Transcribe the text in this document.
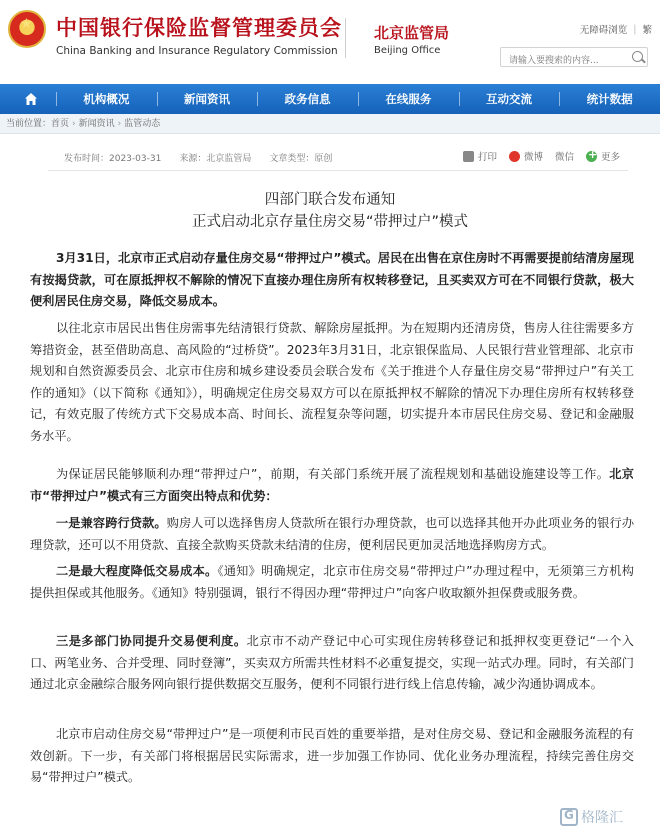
★
中国银行保险监督管理委员会
China Banking and Insurance Regulatory Commission
北京监管局
Beijing Office
无障碍浏览 | 繁
请输入要搜索的内容...
机构概况	新闻资讯	政务信息	在线服务	互动交流	统计数据
当前位置：首页 › 新闻资讯 › 监管动态
发布时间：2023-03-31 来源：北京监管局 文章类型：原创	打印	微博 微信
+	更多
四部门联合发布通知
正式启动北京存量住房交易“带押过户”模式
3月31日，北京市正式启动存量住房交易“带押过户”模式。居民在出售在京住房时不再需要提前结清房屋现有按揭贷款，可在原抵押权不解除的情况下直接办理住房所有权转移登记，且买卖双方可在不同银行贷款，极大便利居民住房交易，降低交易成本。
以往北京市居民出售住房需事先结清银行贷款、解除房屋抵押。为在短期内还清房贷，售房人往往需要多方筹措资金，甚至借助高息、高风险的“过桥贷”。2023年3月31日，北京银保监局、人民银行营业管理部、北京市规划和自然资源委员会、北京市住房和城乡建设委员会联合发布《关于推进个人存量住房交易“带押过户”有关工作的通知》（以下简称《通知》），明确规定住房交易双方可以在原抵押权不解除的情况下办理住房所有权转移登记，有效克服了传统方式下交易成本高、时间长、流程复杂等问题，切实提升本市居民住房交易、登记和金融服务水平。
为保证居民能够顺利办理“带押过户”，前期，有关部门系统开展了流程规划和基础设施建设等工作。北京市“带押过户”模式有三方面突出特点和优势：
一是兼容跨行贷款。购房人可以选择售房人贷款所在银行办理贷款，也可以选择其他开办此项业务的银行办理贷款，还可以不用贷款、直接全款购买贷款未结清的住房，便利居民更加灵活地选择购房方式。
二是最大程度降低交易成本。《通知》明确规定，北京市住房交易“带押过户”办理过程中，无须第三方机构提供担保或其他服务。《通知》特别强调，银行不得因办理“带押过户”向客户收取额外担保费或服务费。
三是多部门协同提升交易便利度。北京市不动产登记中心可实现住房转移登记和抵押权变更登记“一个入口、两笔业务、合并受理、同时登簿”，买卖双方所需共性材料不必重复提交，实现一站式办理。同时，有关部门通过北京金融综合服务网向银行提供数据交互服务，便利不同银行进行线上信息传输，减少沟通协调成本。
北京市启动住房交易“带押过户”是一项便利市民百姓的重要举措，是对住房交易、登记和金融服务流程的有效创新。下一步，有关部门将根据居民实际需求，进一步加强工作协同、优化业务办理流程，持续完善住房交易“带押过户”模式。
G
格隆汇
